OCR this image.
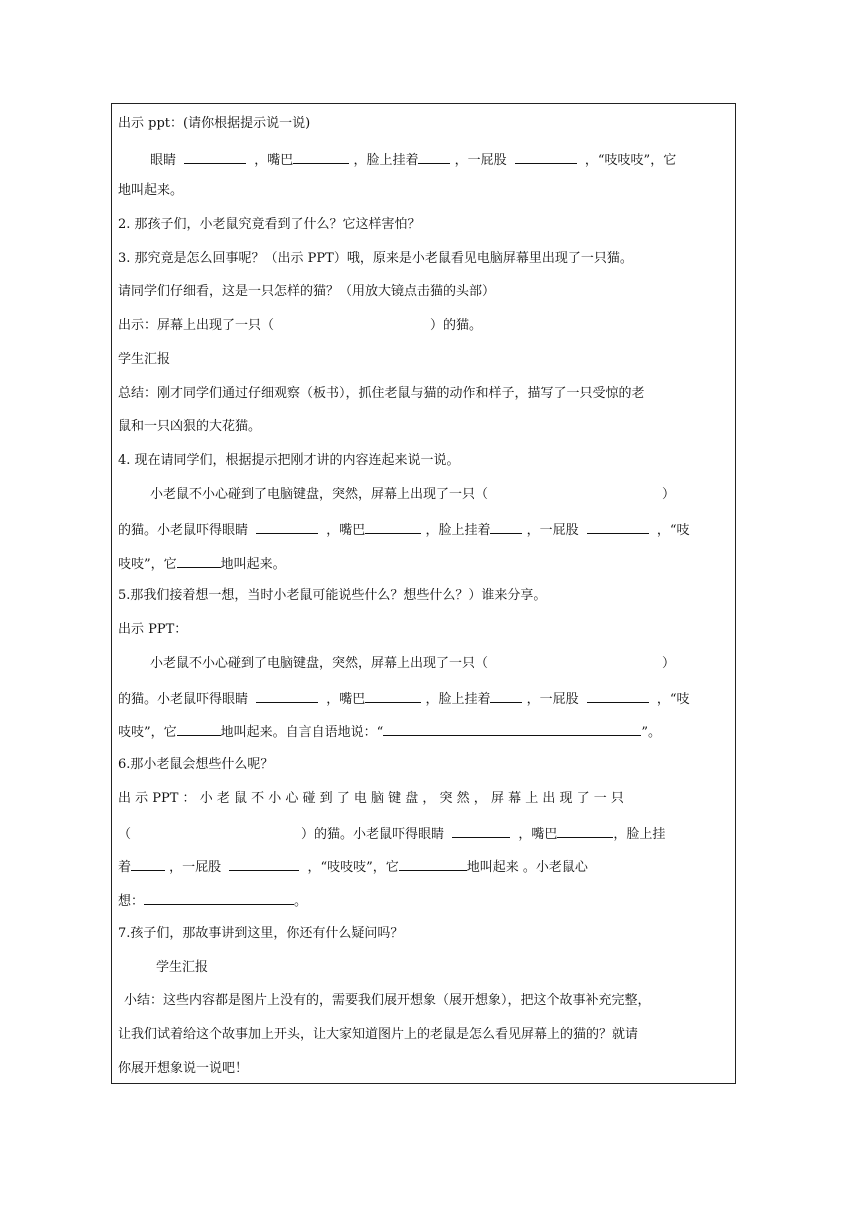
出示 ppt：(请你根据提示说一说)
眼睛	，嘴巴	，脸上挂着	，一屁股	，“吱吱吱”，它
地叫起来。
2. 那孩子们，小老鼠究竟看到了什么？它这样害怕？
3. 那究竟是怎么回事呢？（出示 PPT）哦，原来是小老鼠看见电脑屏幕里出现了一只猫。
请同学们仔细看，这是一只怎样的猫？（用放大镜点击猫的头部）
出示：屏幕上出现了一只（	）的猫。
学生汇报
总结：刚才同学们通过仔细观察（板书），抓住老鼠与猫的动作和样子，描写了一只受惊的老
鼠和一只凶狠的大花猫。
4. 现在请同学们，根据提示把刚才讲的内容连起来说一说。
小老鼠不小心碰到了电脑键盘，突然，屏幕上出现了一只（	）
的猫。小老鼠吓得眼睛	，嘴巴	，脸上挂着	，一屁股	，“吱
吱吱”，它	地叫起来。
5.那我们接着想一想，当时小老鼠可能说些什么？想些什么？）谁来分享。
出示 PPT：
小老鼠不小心碰到了电脑键盘，突然，屏幕上出现了一只（	）
的猫。小老鼠吓得眼睛	，嘴巴	，脸上挂着	，一屁股	，“吱
吱吱”，它	地叫起来。自言自语地说：“	”。
6.那小老鼠会想些什么呢？
出 示 PPT ： 小 老 鼠 不 小 心 碰 到 了 电 脑 键 盘 ， 突 然 ， 屏 幕 上 出 现 了 一 只
（	）的猫。小老鼠吓得眼睛	，嘴巴	，脸上挂
着	，一屁股	，“吱吱吱”，它	地叫起来 。小老鼠心
想：	。
7.孩子们，那故事讲到这里，你还有什么疑问吗？
学生汇报
小结：这些内容都是图片上没有的，需要我们展开想象（展开想象），把这个故事补充完整，
让我们试着给这个故事加上开头，让大家知道图片上的老鼠是怎么看见屏幕上的猫的？就请
你展开想象说一说吧！
